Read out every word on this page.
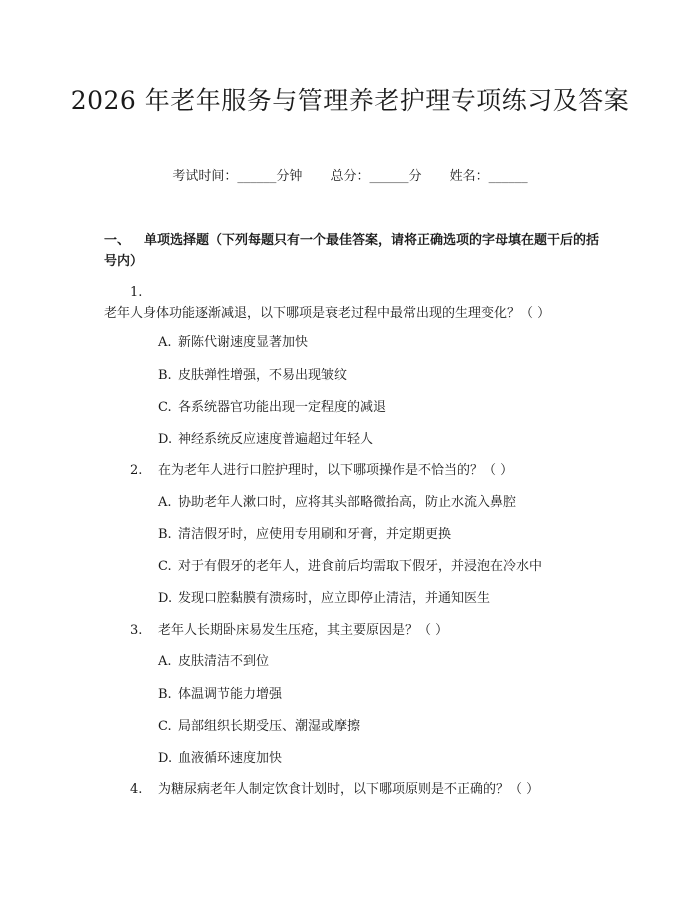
2026 年老年服务与管理养老护理专项练习及答案
考试时间：______分钟 总分：______分 姓名：______
一、 单项选择题（下列每题只有一个最佳答案，请将正确选项的字母填在题干后的括号内）
1.老年人身体功能逐渐减退，以下哪项是衰老过程中最常出现的生理变化？（ ）
A. 新陈代谢速度显著加快
B. 皮肤弹性增强，不易出现皱纹
C. 各系统器官功能出现一定程度的减退
D. 神经系统反应速度普遍超过年轻人
2. 在为老年人进行口腔护理时，以下哪项操作是不恰当的？（ ）
A. 协助老年人漱口时，应将其头部略微抬高，防止水流入鼻腔
B. 清洁假牙时，应使用专用刷和牙膏，并定期更换
C. 对于有假牙的老年人，进食前后均需取下假牙，并浸泡在冷水中
D. 发现口腔黏膜有溃疡时，应立即停止清洁，并通知医生
3. 老年人长期卧床易发生压疮，其主要原因是？（ ）
A. 皮肤清洁不到位
B. 体温调节能力增强
C. 局部组织长期受压、潮湿或摩擦
D. 血液循环速度加快
4. 为糖尿病老年人制定饮食计划时，以下哪项原则是不正确的？（ ）
